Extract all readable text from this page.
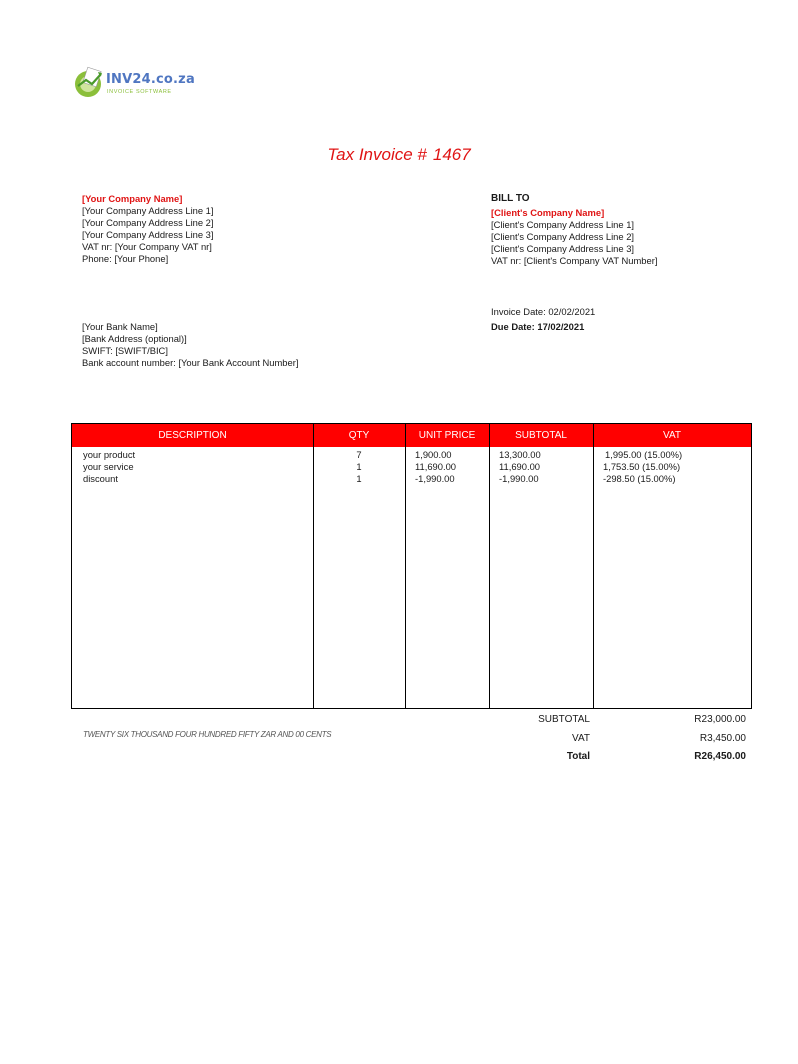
INV24.co.za
INVOICE SOFTWARE
Tax Invoice # 1467
[Your Company Name]
[Your Company Address Line 1]
[Your Company Address Line 2]
[Your Company Address Line 3]
VAT nr: [Your Company VAT nr]
Phone: [Your Phone]
BILL TO
[Client's Company Name]
[Client's Company Address Line 1]
[Client's Company Address Line 2]
[Client's Company Address Line 3]
VAT nr: [Client's Company VAT Number]
Invoice Date: 02/02/2021
Due Date: 17/02/2021
[Your Bank Name]
[Bank Address (optional)]
SWIFT: [SWIFT/BIC]
Bank account number: [Your Bank Account Number]
DESCRIPTION	QTY	UNIT PRICE	SUBTOTAL	VAT
your product	7	1,900.00	13,300.00	1,995.00 (15.00%)
your service	1	11,690.00	11,690.00	1,753.50 (15.00%)
discount	1	-1,990.00	-1,990.00	-298.50 (15.00%)
TWENTY SIX THOUSAND FOUR HUNDRED FIFTY ZAR AND 00 CENTS
SUBTOTAL	R23,000.00
VAT	R3,450.00
Total	R26,450.00
